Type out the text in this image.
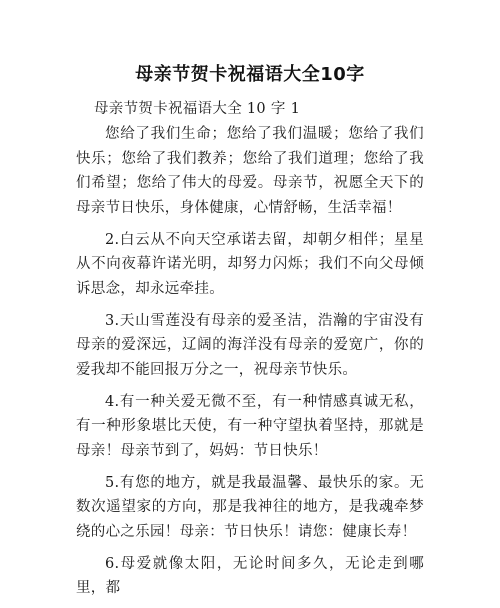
母亲节贺卡祝福语大全10字
母亲节贺卡祝福语大全 10 字 1

您给了我们生命；您给了我们温暖；您给了我们快乐；您给了我们教养；您给了我们道理；您给了我们希望；您给了伟大的母爱。母亲节，祝愿全天下的母亲节日快乐，身体健康，心情舒畅，生活幸福！

2.白云从不向天空承诺去留，却朝夕相伴；星星从不向夜幕许诺光明，却努力闪烁；我们不向父母倾诉思念，却永远牵挂。

3.天山雪莲没有母亲的爱圣洁，浩瀚的宇宙没有母亲的爱深远，辽阔的海洋没有母亲的爱宽广，你的爱我却不能回报万分之一，祝母亲节快乐。

4.有一种关爱无微不至，有一种情感真诚无私，有一种形象堪比天使，有一种守望执着坚持，那就是母亲！母亲节到了，妈妈：节日快乐！

5.有您的地方，就是我最温馨、最快乐的家。无数次遥望家的方向，那是我神往的地方，是我魂牵梦绕的心之乐园！母亲：节日快乐！请您：健康长寿！

6.母爱就像太阳，无论时间多久，无论走到哪里，都
